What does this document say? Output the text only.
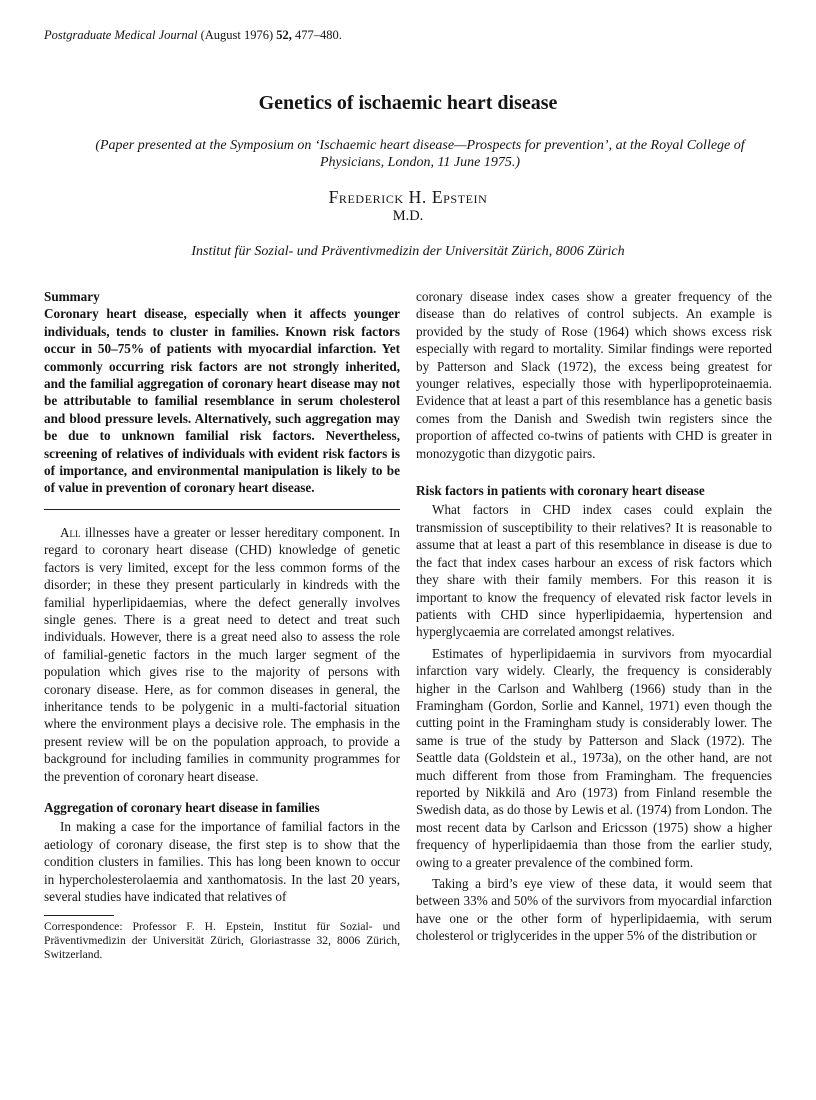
Postgraduate Medical Journal (August 1976) 52, 477–480.
Genetics of ischaemic heart disease
(Paper presented at the Symposium on ‘Ischaemic heart disease—Prospects for prevention’, at the Royal College of Physicians, London, 11 June 1975.)
Frederick H. Epstein
M.D.
Institut für Sozial- und Präventivmedizin der Universität Zürich, 8006 Zürich

Summary

Coronary heart disease, especially when it affects younger individuals, tends to cluster in families. Known risk factors occur in 50–75% of patients with myocardial infarction. Yet commonly occurring risk factors are not strongly inherited, and the familial aggregation of coronary heart disease may not be attributable to familial resemblance in serum cholesterol and blood pressure levels. Alternatively, such aggregation may be due to unknown familial risk factors. Nevertheless, screening of relatives of individuals with evident risk factors is of importance, and environmental manipulation is likely to be of value in prevention of coronary heart disease.

All illnesses have a greater or lesser hereditary component. In regard to coronary heart disease (CHD) knowledge of genetic factors is very limited, except for the less common forms of the disorder; in these they present particularly in kindreds with the familial hyperlipidaemias, where the defect generally involves single genes. There is a great need to detect and treat such individuals. However, there is a great need also to assess the role of familial-genetic factors in the much larger segment of the population which gives rise to the majority of persons with coronary disease. Here, as for common diseases in general, the inheritance tends to be polygenic in a multi-factorial situation where the environment plays a decisive role. The emphasis in the present review will be on the population approach, to provide a background for including families in community programmes for the prevention of coronary heart disease.

Aggregation of coronary heart disease in families

In making a case for the importance of familial factors in the aetiology of coronary disease, the first step is to show that the condition clusters in families. This has long been known to occur in hypercholesterolaemia and xanthomatosis. In the last 20 years, several studies have indicated that relatives of

Correspondence: Professor F. H. Epstein, Institut für Sozial- und Präventivmedizin der Universität Zürich, Gloriastrasse 32, 8006 Zürich, Switzerland.

coronary disease index cases show a greater frequency of the disease than do relatives of control subjects. An example is provided by the study of Rose (1964) which shows excess risk especially with regard to mortality. Similar findings were reported by Patterson and Slack (1972), the excess being greatest for younger relatives, especially those with hyperlipoproteinaemia. Evidence that at least a part of this resemblance has a genetic basis comes from the Danish and Swedish twin registers since the proportion of affected co-twins of patients with CHD is greater in monozygotic than dizygotic pairs.

Risk factors in patients with coronary heart disease

What factors in CHD index cases could explain the transmission of susceptibility to their relatives? It is reasonable to assume that at least a part of this resemblance in disease is due to the fact that index cases harbour an excess of risk factors which they share with their family members. For this reason it is important to know the frequency of elevated risk factor levels in patients with CHD since hyperlipidaemia, hypertension and hyperglycaemia are correlated amongst relatives.

Estimates of hyperlipidaemia in survivors from myocardial infarction vary widely. Clearly, the frequency is considerably higher in the Carlson and Wahlberg (1966) study than in the Framingham (Gordon, Sorlie and Kannel, 1971) even though the cutting point in the Framingham study is considerably lower. The same is true of the study by Patterson and Slack (1972). The Seattle data (Goldstein et al., 1973a), on the other hand, are not much different from those from Framingham. The frequencies reported by Nikkilä and Aro (1973) from Finland resemble the Swedish data, as do those by Lewis et al. (1974) from London. The most recent data by Carlson and Ericsson (1975) show a higher frequency of hyperlipidaemia than those from the earlier study, owing to a greater prevalence of the combined form.

Taking a bird’s eye view of these data, it would seem that between 33% and 50% of the survivors from myocardial infarction have one or the other form of hyperlipidaemia, with serum cholesterol or triglycerides in the upper 5% of the distribution or
